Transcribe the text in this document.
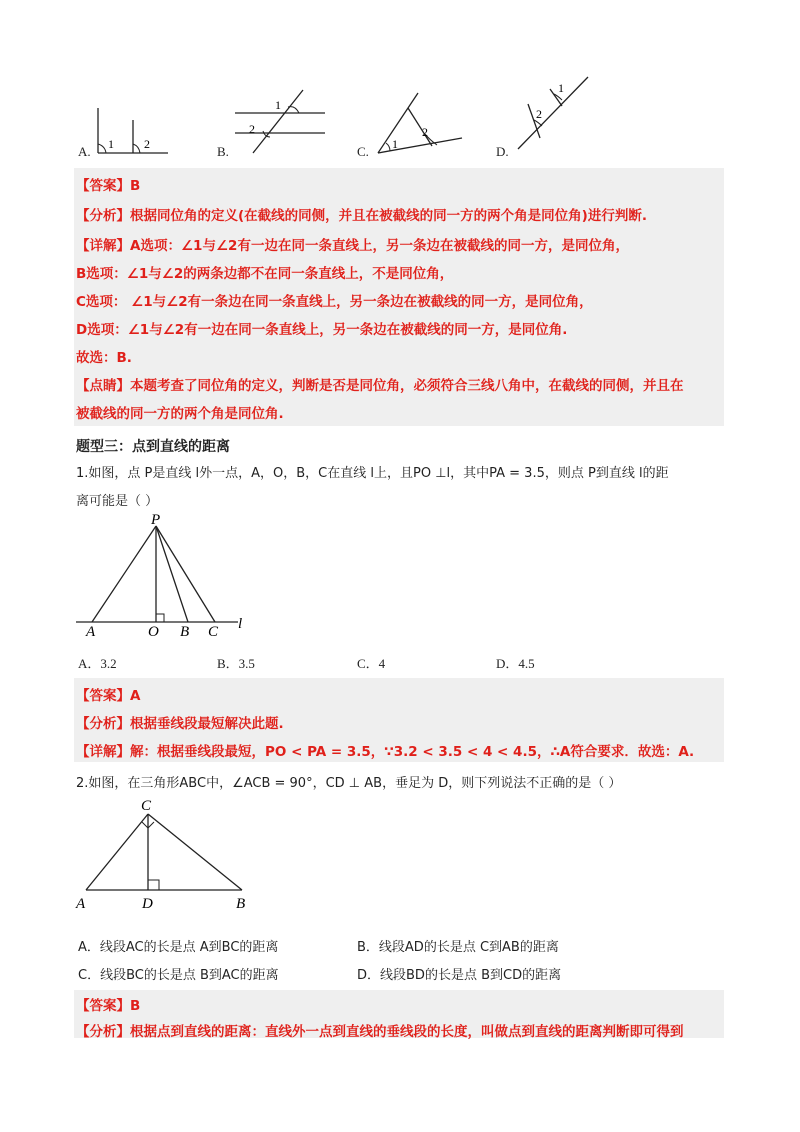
1	2
A.
1
2
B.	1
2
C.
2
1
D.
【答案】B
【分析】根据同位角的定义(在截线的同侧，并且在被截线的同一方的两个角是同位角)进行判断.
【详解】A选项：∠1与∠2有一边在同一条直线上，另一条边在被截线的同一方，是同位角，
B选项：∠1与∠2的两条边都不在同一条直线上，不是同位角，
C选项： ∠1与∠2有一条边在同一条直线上，另一条边在被截线的同一方，是同位角，
D选项：∠1与∠2有一边在同一条直线上，另一条边在被截线的同一方，是同位角.
故选：B.
【点睛】本题考查了同位角的定义，判断是否是同位角，必须符合三线八角中，在截线的同侧，并且在
被截线的同一方的两个角是同位角.
题型三：点到直线的距离
1.如图，点 P是直线 l外一点，A，O，B，C在直线 l上，且PO ⊥l，其中PA = 3.5，则点 P到直线 l的距
离可能是（ ）
P
A	O B C l
A．3.2	B．3.5	C．4	D．4.5
【答案】A
【分析】根据垂线段最短解决此题.
【详解】解：根据垂线段最短，PO < PA = 3.5，∵3.2 < 3.5 < 4 < 4.5，∴A符合要求．故选：A.
2.如图，在三角形ABC中，∠ACB = 90°，CD ⊥ AB，垂足为 D，则下列说法不正确的是（ ）
C
A	D	B
A．线段AC的长是点 A到BC的距离	B．线段AD的长是点 C到AB的距离
C．线段BC的长是点 B到AC的距离	D．线段BD的长是点 B到CD的距离
【答案】B
【分析】根据点到直线的距离：直线外一点到直线的垂线段的长度，叫做点到直线的距离判断即可得到
